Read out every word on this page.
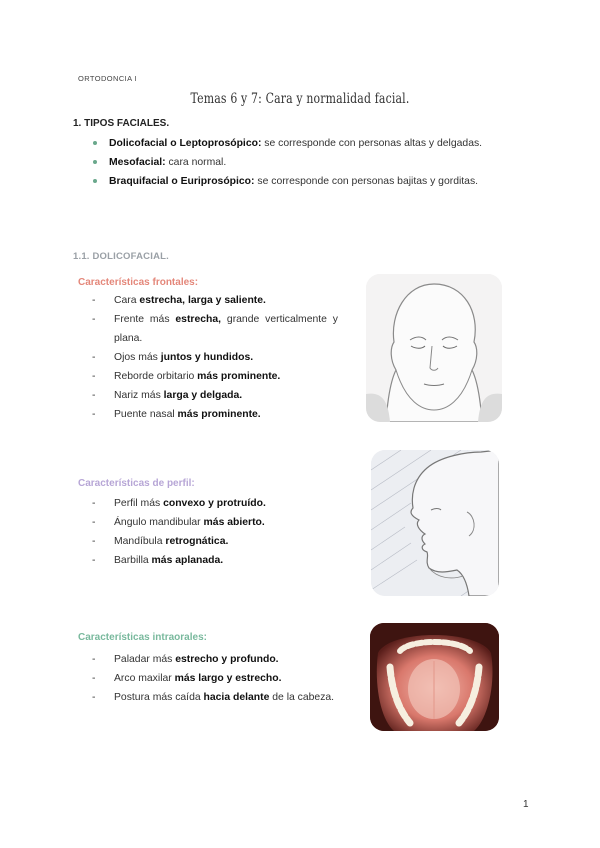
ORTODONCIA I
Temas 6 y 7: Cara y normalidad facial.
1. TIPOS FACIALES.
Dolicofacial o Leptoprosópico: se corresponde con personas altas y delgadas.
Mesofacial: cara normal.
Braquifacial o Euriprosópico: se corresponde con personas bajitas y gorditas.
1.1. DOLICOFACIAL.
Características frontales:
- Cara estrecha, larga y saliente.
- Frente más estrecha, grande verticalmente y plana.
- Ojos más juntos y hundidos.
- Reborde orbitario más prominente.
- Nariz más larga y delgada.
- Puente nasal más prominente.
Características de perfil:
- Perfil más convexo y protruído.
- Ángulo mandibular más abierto.
- Mandíbula retrognática.
- Barbilla más aplanada.
Características intraorales:
- Paladar más estrecho y profundo.
- Arco maxilar más largo y estrecho.
- Postura más caída hacia delante de la cabeza.
1
